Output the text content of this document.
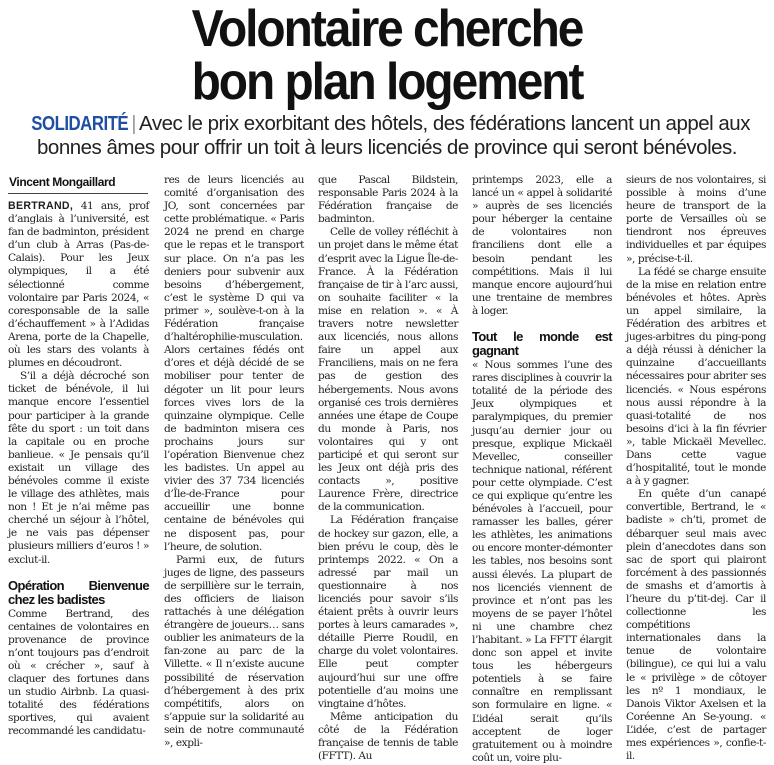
Volontaire cherche
bon plan logement
SOLIDARITÉ | Avec le prix exorbitant des hôtels, des fédérations lancent un appel aux bonnes âmes pour offrir un toit à leurs licenciés de province qui seront bénévoles.
Vincent Mongaillard

BERTRAND, 41 ans, prof d’anglais à l’université, est fan de badminton, président d’un club à Arras (Pas-de-Calais). Pour les Jeux olympiques, il a été sélectionné comme volontaire par Paris 2024, « coresponsable de la salle d’échauffement » à l’Adidas Arena, porte de la Chapelle, où les stars des volants à plumes en découdront.

S’il a déjà décroché son ticket de bénévole, il lui manque encore l’essentiel pour participer à la grande fête du sport : un toit dans la capitale ou en proche banlieue. « Je pensais qu’il existait un village des bénévoles comme il existe le village des athlètes, mais non ! Et je n’ai même pas cherché un séjour à l’hôtel, je ne vais pas dépenser plusieurs milliers d’euros ! » exclut-il.

Opération Bienvenue chez les badistes

Comme Bertrand, des centaines de volontaires en provenance de province n’ont toujours pas d’endroit où « crécher », sauf à claquer des fortunes dans un studio Airbnb. La quasi-totalité des fédérations sportives, qui avaient recommandé les candidatu-

res de leurs licenciés au comité d’organisation des JO, sont concernées par cette problématique. « Paris 2024 ne prend en charge que le repas et le transport sur place. On n’a pas les deniers pour subvenir aux besoins d’hébergement, c’est le système D qui va primer », soulève-t-on à la Fédération française d’haltérophilie-musculation. Alors certaines fédés ont d’ores et déjà décidé de se mobiliser pour tenter de dégoter un lit pour leurs forces vives lors de la quinzaine olympique. Celle de badminton misera ces prochains jours sur l’opération Bienvenue chez les badistes. Un appel au vivier des 37 734 licenciés d’Île-de-France pour accueillir une bonne centaine de bénévoles qui ne disposent pas, pour l’heure, de solution.

Parmi eux, de futurs juges de ligne, des passeurs de serpillière sur le terrain, des officiers de liaison rattachés à une délégation étrangère de joueurs… sans oublier les animateurs de la fan-zone au parc de la Villette. « Il n’existe aucune possibilité de réservation d’hébergement à des prix compétitifs, alors on s’appuie sur la solidarité au sein de notre communauté », expli-

que Pascal Bildstein, responsable Paris 2024 à la Fédération française de badminton.

Celle de volley réfléchit à un projet dans le même état d’esprit avec la Ligue Île-de-France. À la Fédération française de tir à l’arc aussi, on souhaite faciliter « la mise en relation ». « À travers notre newsletter aux licenciés, nous allons faire un appel aux Franciliens, mais on ne fera pas de gestion des hébergements. Nous avons organisé ces trois dernières années une étape de Coupe du monde à Paris, nos volontaires qui y ont participé et qui seront sur les Jeux ont déjà pris des contacts », positive Laurence Frère, directrice de la communication.

La Fédération française de hockey sur gazon, elle, a bien prévu le coup, dès le printemps 2022. « On a adressé par mail un questionnaire à nos licenciés pour savoir s’ils étaient prêts à ouvrir leurs portes à leurs camarades », détaille Pierre Roudil, en charge du volet volontaires. Elle peut compter aujourd’hui sur une offre potentielle d’au moins une vingtaine d’hôtes.

Même anticipation du côté de la Fédération française de tennis de table (FFTT). Au

printemps 2023, elle a lancé un « appel à solidarité » auprès de ses licenciés pour héberger la centaine de volontaires non franciliens dont elle a besoin pendant les compétitions. Mais il lui manque encore aujourd’hui une trentaine de membres à loger.

Tout le monde est gagnant

« Nous sommes l’une des rares disciplines à couvrir la totalité de la période des Jeux olympiques et paralympiques, du premier jusqu’au dernier jour ou presque, explique Mickaël Mevellec, conseiller technique national, référent pour cette olympiade. C’est ce qui explique qu’entre les bénévoles à l’accueil, pour ramasser les balles, gérer les athlètes, les animations ou encore monter-démonter les tables, nos besoins sont aussi élevés. La plupart de nos licenciés viennent de province et n’ont pas les moyens de se payer l’hôtel ni une chambre chez l’habitant. » La FFTT élargit donc son appel et invite tous les hébergeurs potentiels à se faire connaître en remplissant son formulaire en ligne. « L’idéal serait qu’ils acceptent de loger gratuitement ou à moindre coût un, voire plu-

sieurs de nos volontaires, si possible à moins d’une heure de transport de la porte de Versailles où se tiendront nos épreuves individuelles et par équipes », précise-t-il.

La fédé se charge ensuite de la mise en relation entre bénévoles et hôtes. Après un appel similaire, la Fédération des arbitres et juges-arbitres du ping-pong a déjà réussi à dénicher la quinzaine d’accueillants nécessaires pour abriter ses licenciés. « Nous espérons nous aussi répondre à la quasi-totalité de nos besoins d’ici à la fin février », table Mickaël Mevellec. Dans cette vague d’hospitalité, tout le monde a à y gagner.

En quête d’un canapé convertible, Bertrand, le « badiste » ch’ti, promet de débarquer seul mais avec plein d’anecdotes dans son sac de sport qui plairont forcément à des passionnés de smashs et d’amortis à l’heure du p’tit-dej. Car il collectionne les compétitions internationales dans la tenue de volontaire (bilingue), ce qui lui a valu le « privilège » de côtoyer les nº 1 mondiaux, le Danois Viktor Axelsen et la Coréenne An Se-young. « L’idée, c’est de partager mes expériences », confie-t-il.
